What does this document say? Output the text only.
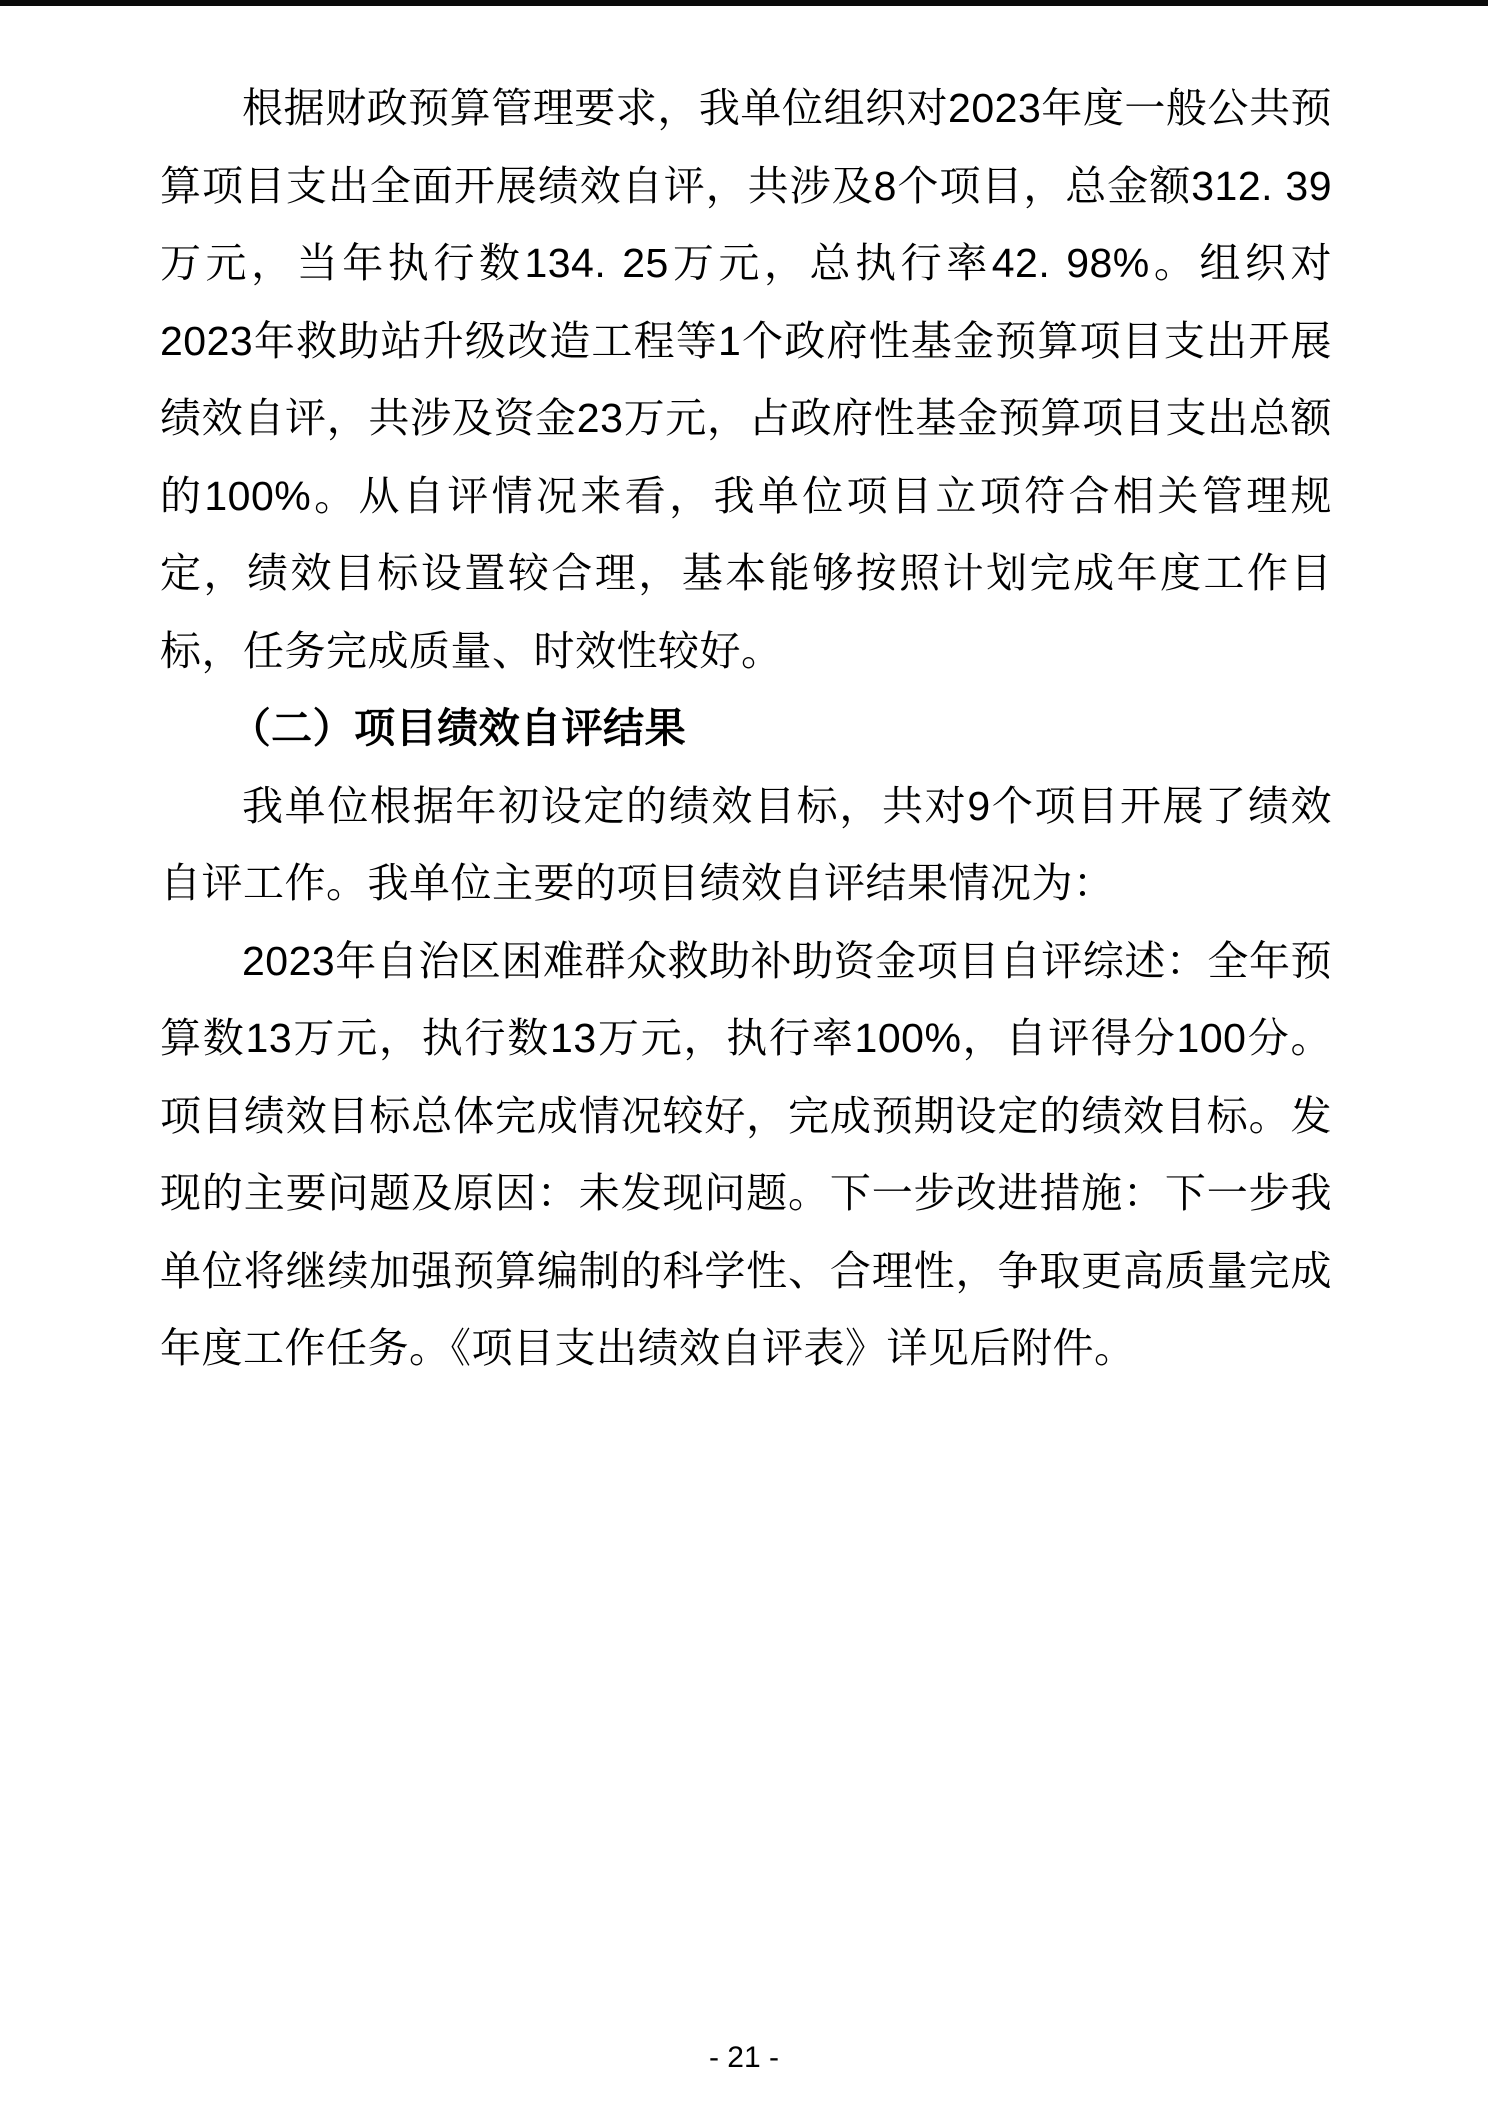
根据财政预算管理要求，我单位组织对2023年度一般公共预算项目支出全面开展绩效自评，共涉及8个项目，总金额312. 39万元，当年执行数134. 25万元，总执行率42. 98%。组织对2023年救助站升级改造工程等1个政府性基金预算项目支出开展绩效自评，共涉及资金23万元，占政府性基金预算项目支出总额的100%。从自评情况来看，我单位项目立项符合相关管理规定，绩效目标设置较合理，基本能够按照计划完成年度工作目标，任务完成质量、时效性较好。

（二）项目绩效自评结果

我单位根据年初设定的绩效目标，共对9个项目开展了绩效自评工作。我单位主要的项目绩效自评结果情况为：

2023年自治区困难群众救助补助资金项目自评综述：全年预算数13万元，执行数13万元，执行率100%，自评得分100分。项目绩效目标总体完成情况较好，完成预期设定的绩效目标。发现的主要问题及原因：未发现问题。下一步改进措施：下一步我单位将继续加强预算编制的科学性、合理性，争取更高质量完成年度工作任务。《项目支出绩效自评表》详见后附件。

- 21 -
